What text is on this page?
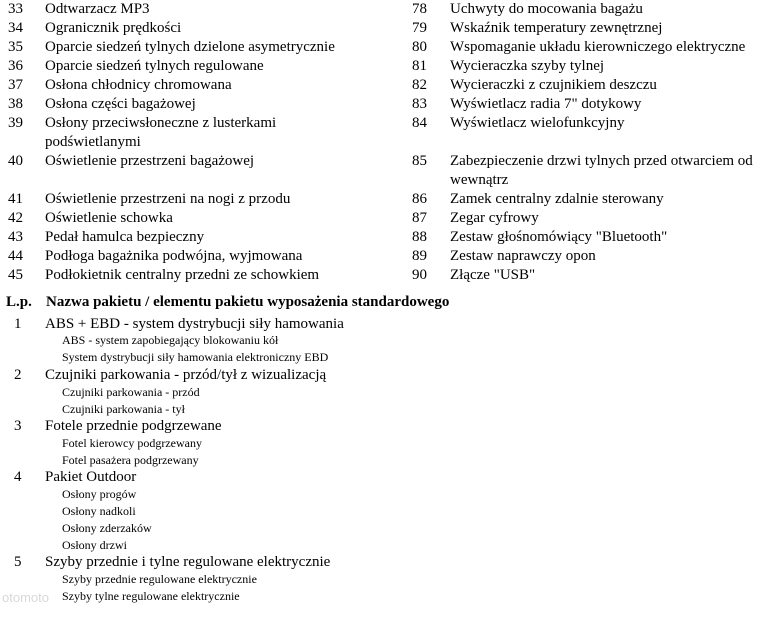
33	Odtwarzacz MP3
34	Ogranicznik prędkości
35	Oparcie siedzeń tylnych dzielone asymetrycznie
36	Oparcie siedzeń tylnych regulowane
37	Osłona chłodnicy chromowana
38	Osłona części bagażowej
39	Osłony przeciwsłoneczne z lusterkami
podświetlanymi
40	Oświetlenie przestrzeni bagażowej
41	Oświetlenie przestrzeni na nogi z przodu
42	Oświetlenie schowka
43	Pedał hamulca bezpieczny
44	Podłoga bagażnika podwójna, wyjmowana
45	Podłokietnik centralny przedni ze schowkiem
78	Uchwyty do mocowania bagażu
79	Wskaźnik temperatury zewnętrznej
80	Wspomaganie układu kierowniczego elektryczne
81	Wycieraczka szyby tylnej
82	Wycieraczki z czujnikiem deszczu
83	Wyświetlacz radia 7" dotykowy
84	Wyświetlacz wielofunkcyjny
85	Zabezpieczenie drzwi tylnych przed otwarciem od
wewnątrz
86	Zamek centralny zdalnie sterowany
87	Zegar cyfrowy
88	Zestaw głośnomówiący "Bluetooth"
89	Zestaw naprawczy opon
90	Złącze "USB"
L.p. Nazwa pakietu / elementu pakietu wyposażenia standardowego
1 ABS + EBD - system dystrybucji siły hamowania
ABS - system zapobiegający blokowaniu kół
System dystrybucji siły hamowania elektroniczny EBD
2 Czujniki parkowania - przód/tył z wizualizacją
Czujniki parkowania - przód
Czujniki parkowania - tył
3 Fotele przednie podgrzewane
Fotel kierowcy podgrzewany
Fotel pasażera podgrzewany
4 Pakiet Outdoor
Osłony progów
Osłony nadkoli
Osłony zderzaków
Osłony drzwi
5 Szyby przednie i tylne regulowane elektrycznie
Szyby przednie regulowane elektrycznie
Szyby tylne regulowane elektrycznie
otomoto
